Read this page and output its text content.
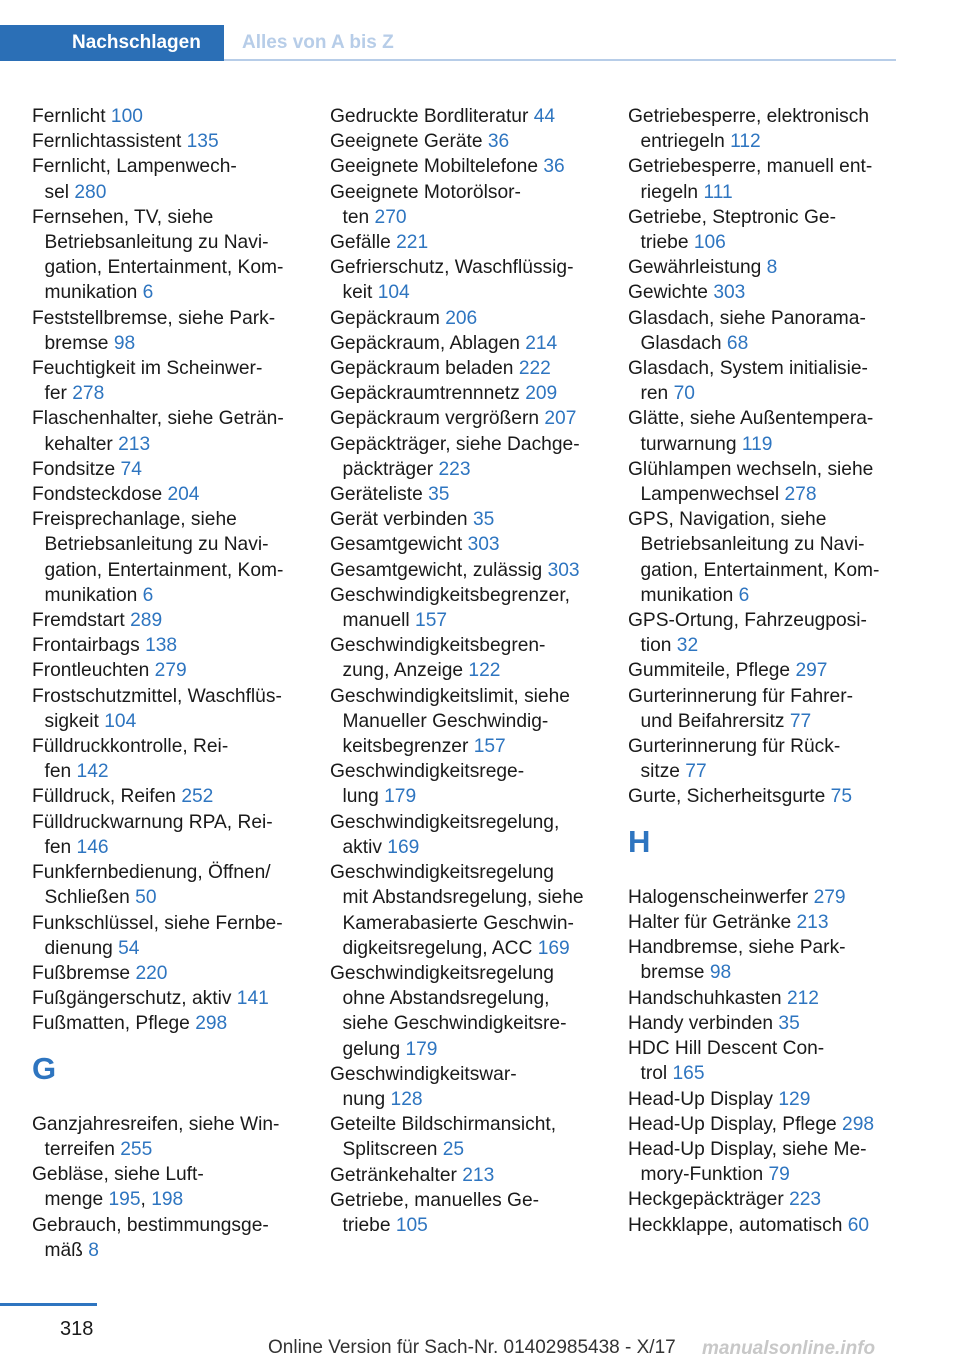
Nachschlagen	Alles von A bis Z
Fernlicht 100
Fernlichtassistent 135
Fernlicht, Lampenwech-
sel 280
Fernsehen, TV, siehe
Betriebsanleitung zu Navi-
gation, Entertainment, Kom-
munikation 6
Feststellbremse, siehe Park-
bremse 98
Feuchtigkeit im Scheinwer-
fer 278
Flaschenhalter, siehe Geträn-
kehalter 213
Fondsitze 74
Fondsteckdose 204
Freisprechanlage, siehe
Betriebsanleitung zu Navi-
gation, Entertainment, Kom-
munikation 6
Fremdstart 289
Frontairbags 138
Frontleuchten 279
Frostschutzmittel, Waschflüs-
sigkeit 104
Fülldruckkontrolle, Rei-
fen 142
Fülldruck, Reifen 252
Fülldruckwarnung RPA, Rei-
fen 146
Funkfernbedienung, Öffnen/
Schließen 50
Funkschlüssel, siehe Fernbe-
dienung 54
Fußbremse 220
Fußgängerschutz, aktiv 141
Fußmatten, Pflege 298
G
Ganzjahresreifen, siehe Win-
terreifen 255
Gebläse, siehe Luft-
menge 195, 198
Gebrauch, bestimmungsge-
mäß 8
Gedruckte Bordliteratur 44
Geeignete Geräte 36
Geeignete Mobiltelefone 36
Geeignete Motorölsor-
ten 270
Gefälle 221
Gefrierschutz, Waschflüssig-
keit 104
Gepäckraum 206
Gepäckraum, Ablagen 214
Gepäckraum beladen 222
Gepäckraumtrennnetz 209
Gepäckraum vergrößern 207
Gepäckträger, siehe Dachge-
päckträger 223
Geräteliste 35
Gerät verbinden 35
Gesamtgewicht 303
Gesamtgewicht, zulässig 303
Geschwindigkeitsbegrenzer,
manuell 157
Geschwindigkeitsbegren-
zung, Anzeige 122
Geschwindigkeitslimit, siehe
Manueller Geschwindig-
keitsbegrenzer 157
Geschwindigkeitsrege-
lung 179
Geschwindigkeitsregelung,
aktiv 169
Geschwindigkeitsregelung
mit Abstandsregelung, siehe
Kamerabasierte Geschwin-
digkeitsregelung, ACC 169
Geschwindigkeitsregelung
ohne Abstandsregelung,
siehe Geschwindigkeitsre-
gelung 179
Geschwindigkeitswar-
nung 128
Geteilte Bildschirmansicht,
Splitscreen 25
Getränkehalter 213
Getriebe, manuelles Ge-
triebe 105
Getriebesperre, elektronisch
entriegeln 112
Getriebesperre, manuell ent-
riegeln 111
Getriebe, Steptronic Ge-
triebe 106
Gewährleistung 8
Gewichte 303
Glasdach, siehe Panorama-
Glasdach 68
Glasdach, System initialisie-
ren 70
Glätte, siehe Außentempera-
turwarnung 119
Glühlampen wechseln, siehe
Lampenwechsel 278
GPS, Navigation, siehe
Betriebsanleitung zu Navi-
gation, Entertainment, Kom-
munikation 6
GPS-Ortung, Fahrzeugposi-
tion 32
Gummiteile, Pflege 297
Gurterinnerung für Fahrer-
und Beifahrersitz 77
Gurterinnerung für Rück-
sitze 77
Gurte, Sicherheitsgurte 75
H
Halogenscheinwerfer 279
Halter für Getränke 213
Handbremse, siehe Park-
bremse 98
Handschuhkasten 212
Handy verbinden 35
HDC Hill Descent Con-
trol 165
Head-Up Display 129
Head-Up Display, Pflege 298
Head-Up Display, siehe Me-
mory-Funktion 79
Heckgepäckträger 223
Heckklappe, automatisch 60
318
Online Version für Sach-Nr. 01402985438 - X/17 manualsonline.info
